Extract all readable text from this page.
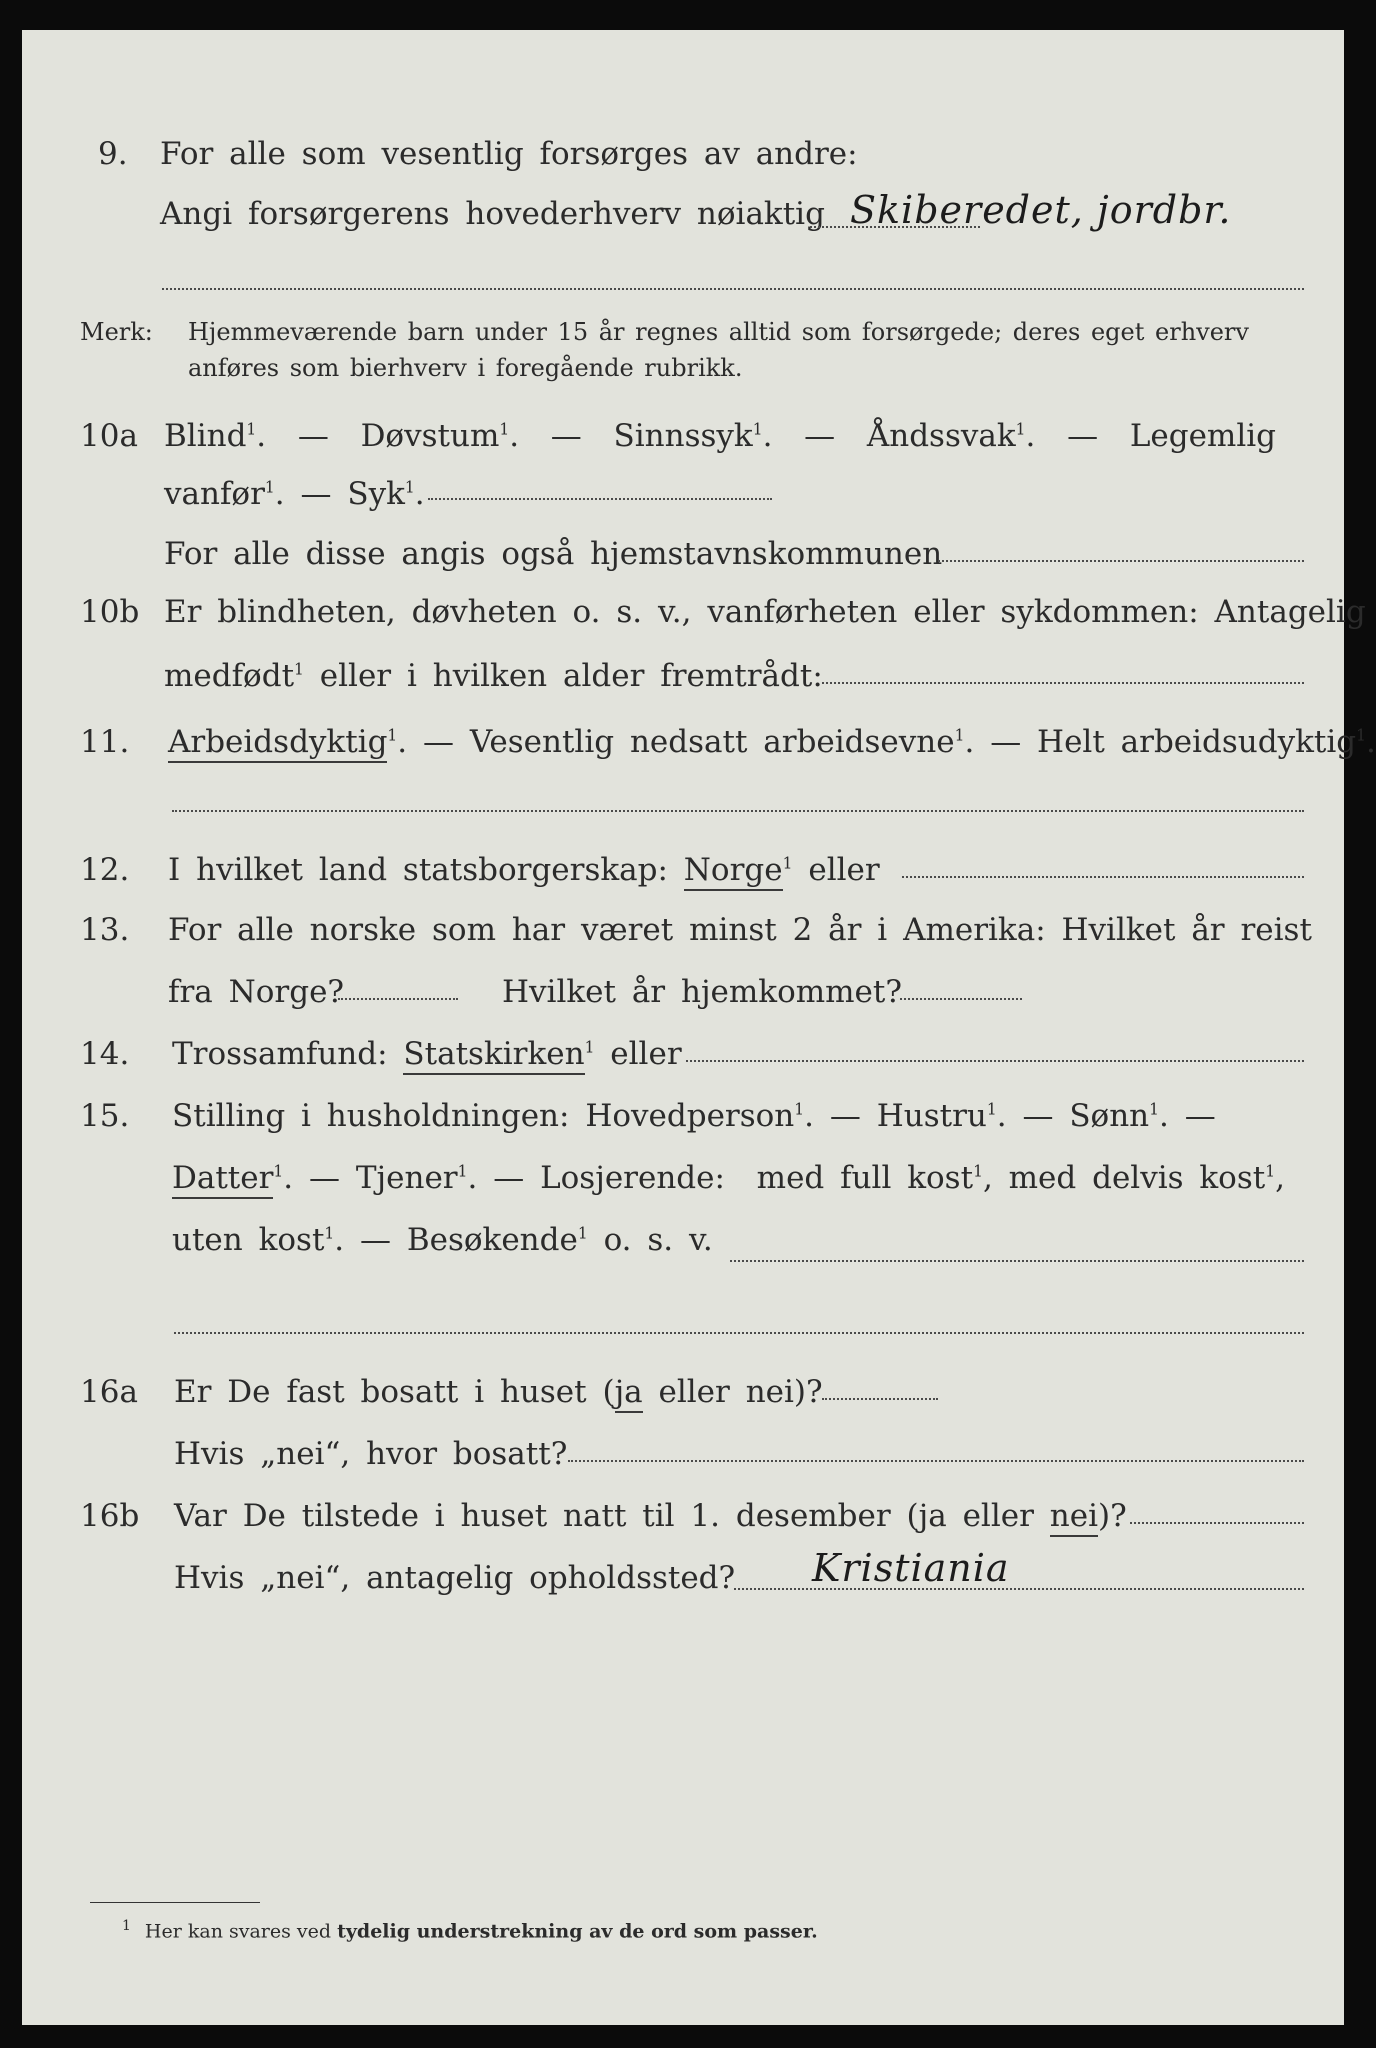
9.	For alle som vesentlig forsørges av andre:
Angi forsørgerens hovederhverv nøiaktig Skiberedet, jordbr.
Merk: Hjemmeværende barn under 15 år regnes alltid som forsørgede; deres eget erhverv
anføres som bierhverv i foregående rubrikk.
10a Blind$^1$.  —  Døvstum$^1$.  —  Sinnssyk$^1$.  —  Åndssvak$^1$.  —  Legemlig
vanfør$^1$. — Syk$^1$.
For alle disse angis også hjemstavnskommunen
10b Er blindheten, døvheten o. s. v., vanførheten eller sykdommen: Antagelig
medfødt$^1$ eller i hvilken alder fremtrådt:
11.	Arbeidsdyktig$^1$. — Vesentlig nedsatt arbeidsevne$^1$. — Helt arbeidsudyktig$^1$.
12.	I hvilket land statsborgerskap: Norge$^1$ eller
13.	For alle norske som har været minst 2 år i Amerika: Hvilket år reist
fra Norge?	Hvilket år hjemkommet?
14.	Trossamfund: Statskirken$^1$ eller
15.	Stilling i husholdningen: Hovedperson$^1$. — Hustru$^1$. — Sønn$^1$. —
Datter$^1$. — Tjener$^1$. — Losjerende: med full kost$^1$, med delvis kost$^1$,
uten kost$^1$. — Besøkende$^1$ o. s. v.
16a	Er De fast bosatt i huset (ja eller nei)?
Hvis „nei“, hvor bosatt?
16b	Var De tilstede i huset natt til 1. desember (ja eller nei)?
Hvis „nei“, antagelig opholdssted? Kristiania
$^1$ Her kan svares ved tydelig understrekning av de ord som passer.
